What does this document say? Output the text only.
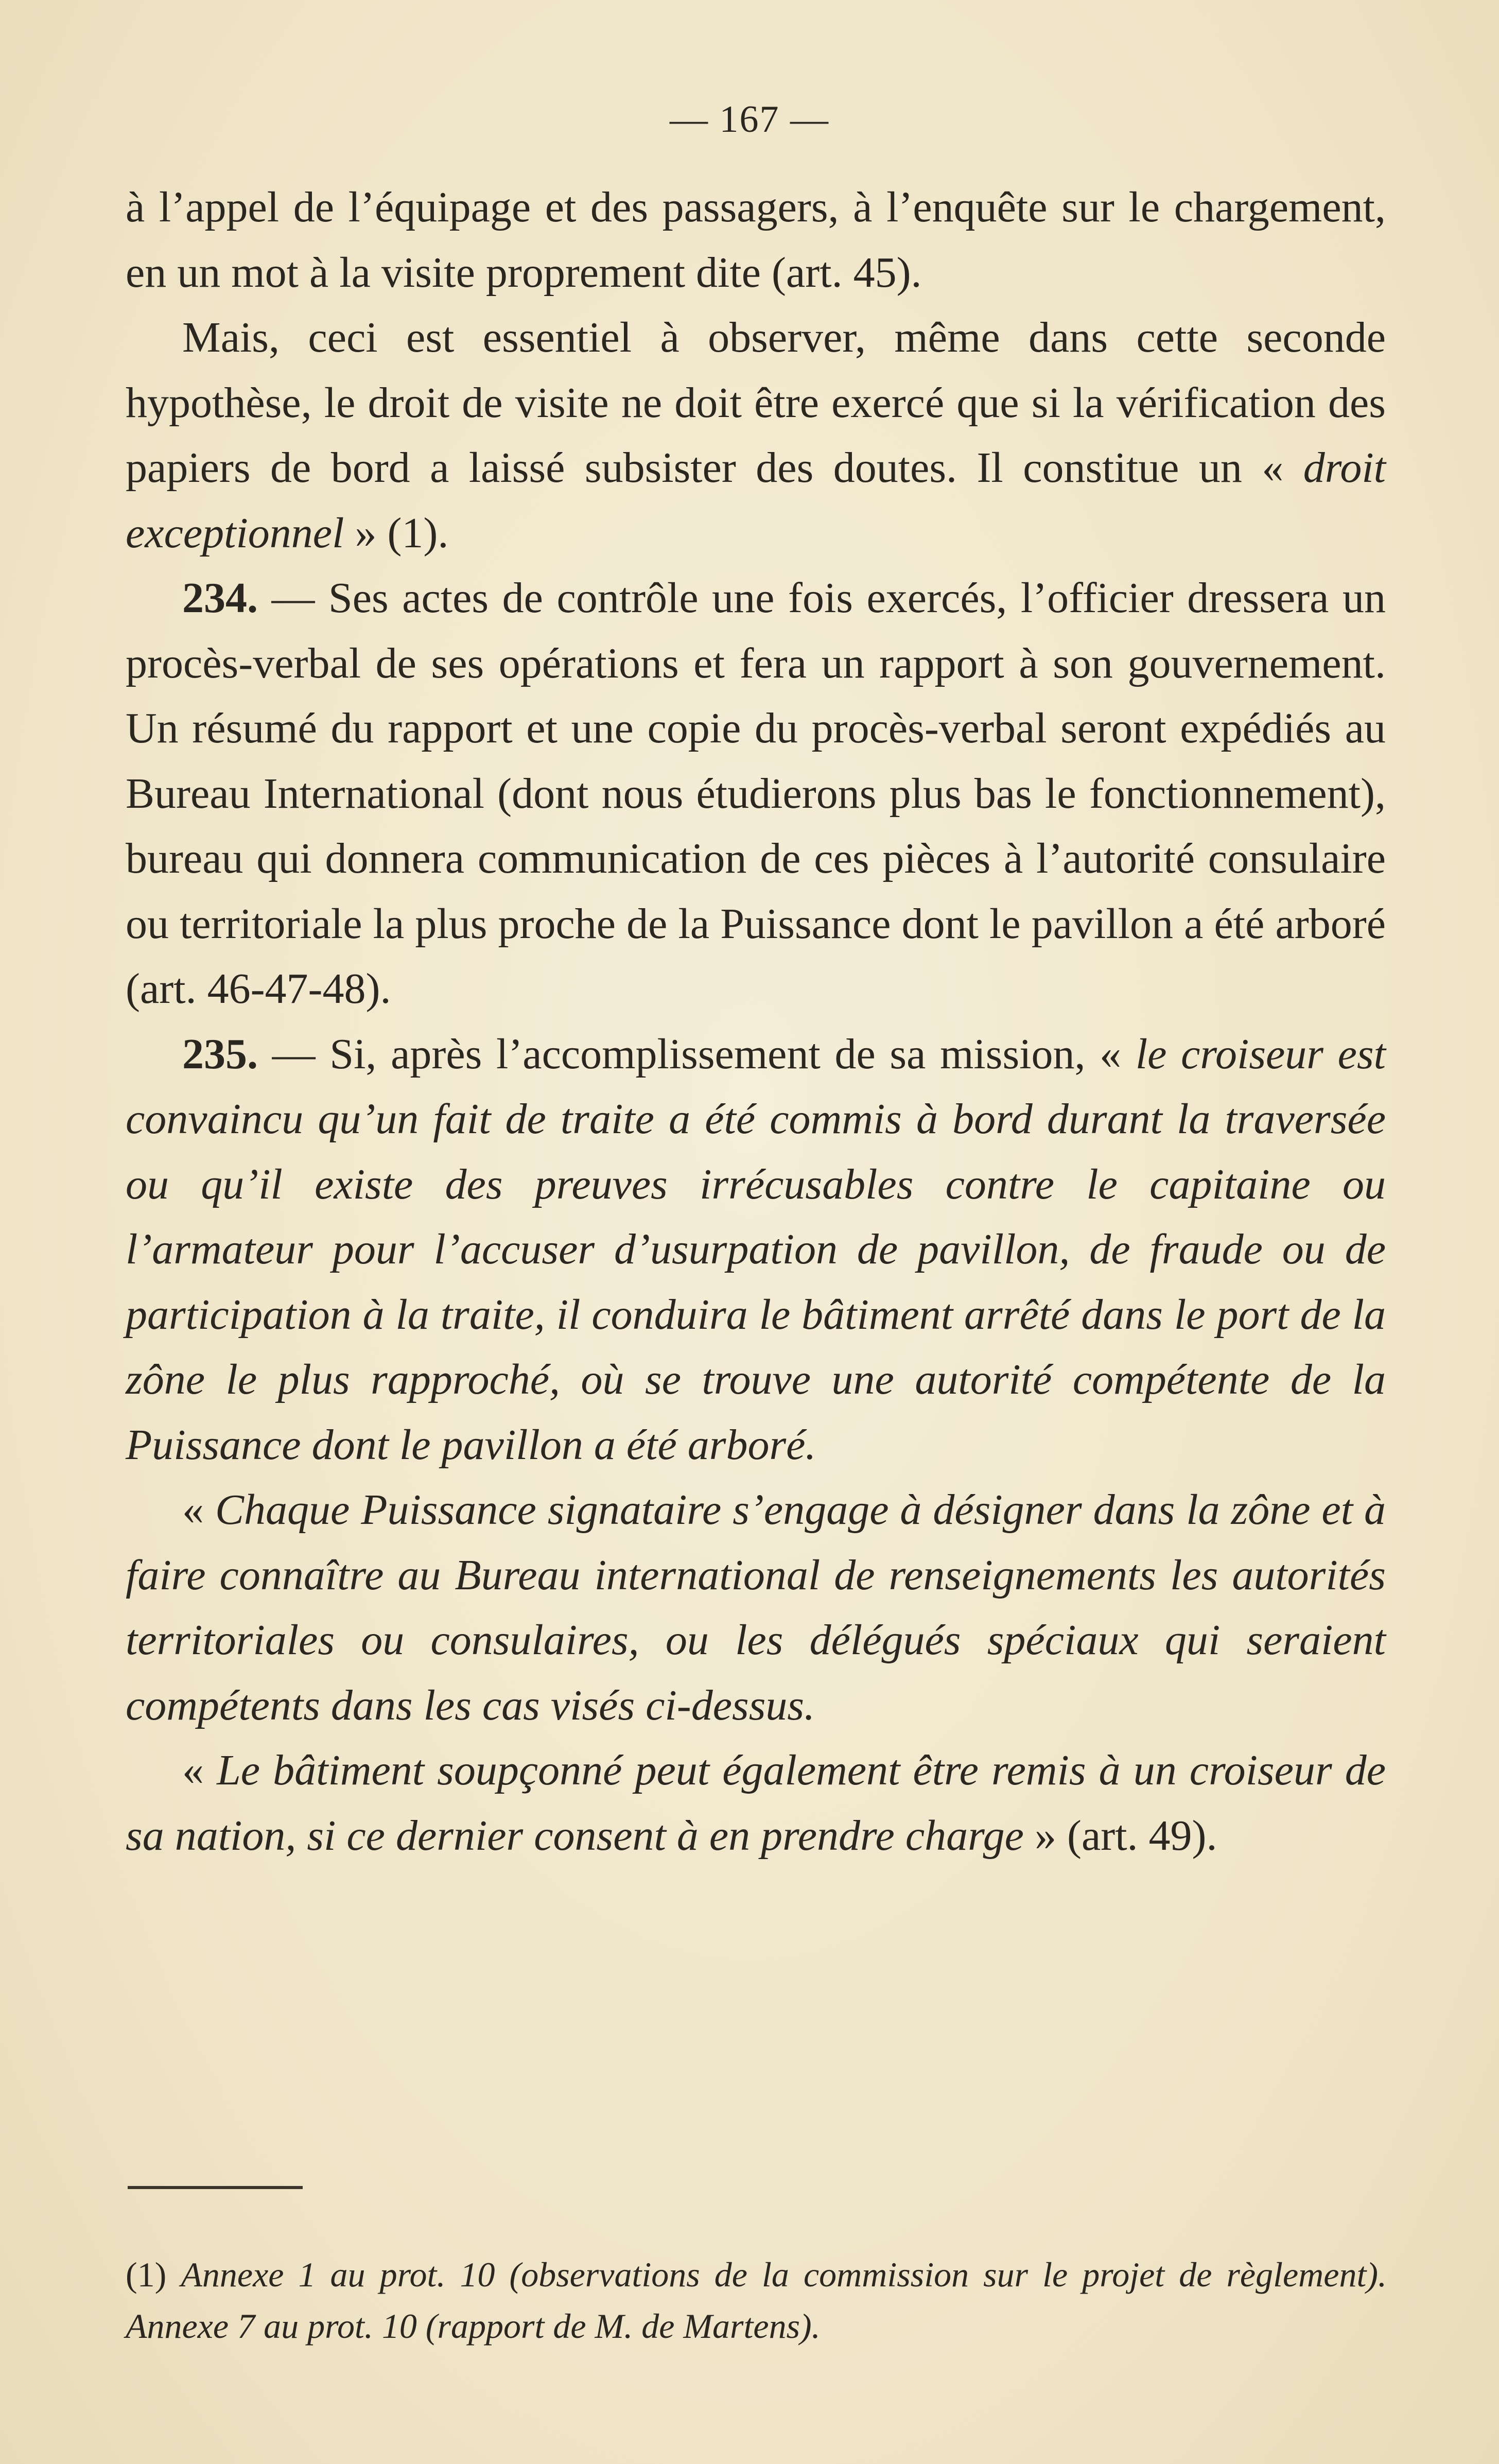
— 167 —

à l’appel de l’équipage et des passagers, à l’enquête sur le chargement, en un mot à la visite proprement dite (art. 45).

Mais, ceci est essentiel à observer, même dans cette seconde hypothèse, le droit de visite ne doit être exercé que si la vérification des papiers de bord a laissé subsister des doutes. Il constitue un « droit exceptionnel » (1).

234. — Ses actes de contrôle une fois exercés, l’officier dressera un procès-verbal de ses opérations et fera un rapport à son gouvernement. Un résumé du rapport et une copie du procès-verbal seront expédiés au Bureau International (dont nous étudierons plus bas le fonctionnement), bureau qui donnera communication de ces pièces à l’autorité consulaire ou territoriale la plus proche de la Puissance dont le pavillon a été arboré (art. 46-47-48).

235. — Si, après l’accomplissement de sa mission, « le croiseur est convaincu qu’un fait de traite a été commis à bord durant la traversée ou qu’il existe des preuves irrécusables contre le capitaine ou l’armateur pour l’accuser d’usurpation de pavillon, de fraude ou de participation à la traite, il conduira le bâtiment arrêté dans le port de la zône le plus rapproché, où se trouve une autorité compétente de la Puissance dont le pavillon a été arboré.

« Chaque Puissance signataire s’engage à désigner dans la zône et à faire connaître au Bureau international de renseignements les autorités territoriales ou consulaires, ou les délégués spéciaux qui seraient compétents dans les cas visés ci-dessus.

« Le bâtiment soupçonné peut également être remis à un croiseur de sa nation, si ce dernier consent à en prendre charge » (art. 49).

(1) Annexe 1 au prot. 10 (observations de la commission sur le projet de règlement). Annexe 7 au prot. 10 (rapport de M. de Martens).
